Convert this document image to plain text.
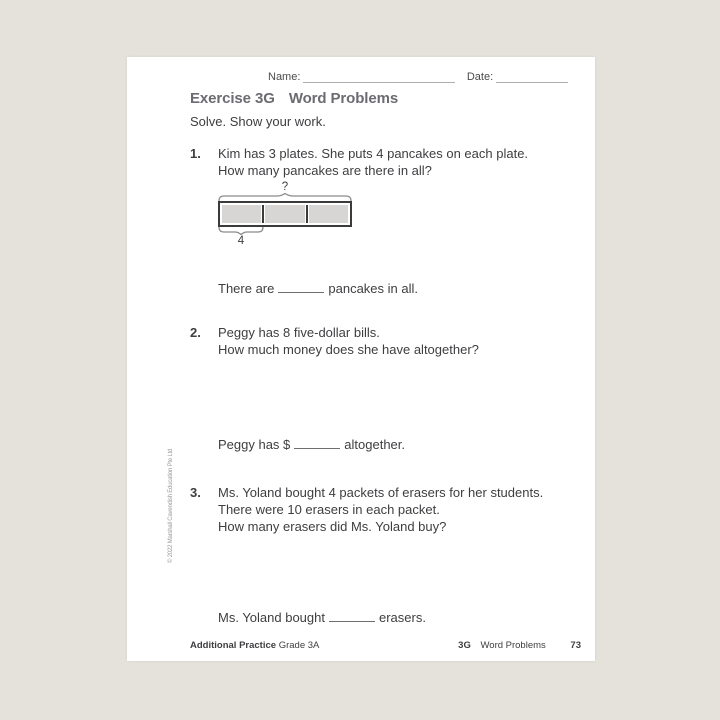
Name:	Date:
Exercise 3G Word Problems
Solve. Show your work.
1.	Kim has 3 plates. She puts 4 pancakes on each plate.
How many pancakes are there in all?
?
4
There are	pancakes in all.
2.	Peggy has 8 five-dollar bills.
How much money does she have altogether?
Peggy has $	altogether.
3.	Ms. Yoland bought 4 packets of erasers for her students.
There were 10 erasers in each packet.
How many erasers did Ms. Yoland buy?
Ms. Yoland bought	erasers.
© 2022 Marshall Cavendish Education Pte Ltd
Additional Practice Grade 3A	3G Word Problems	73
